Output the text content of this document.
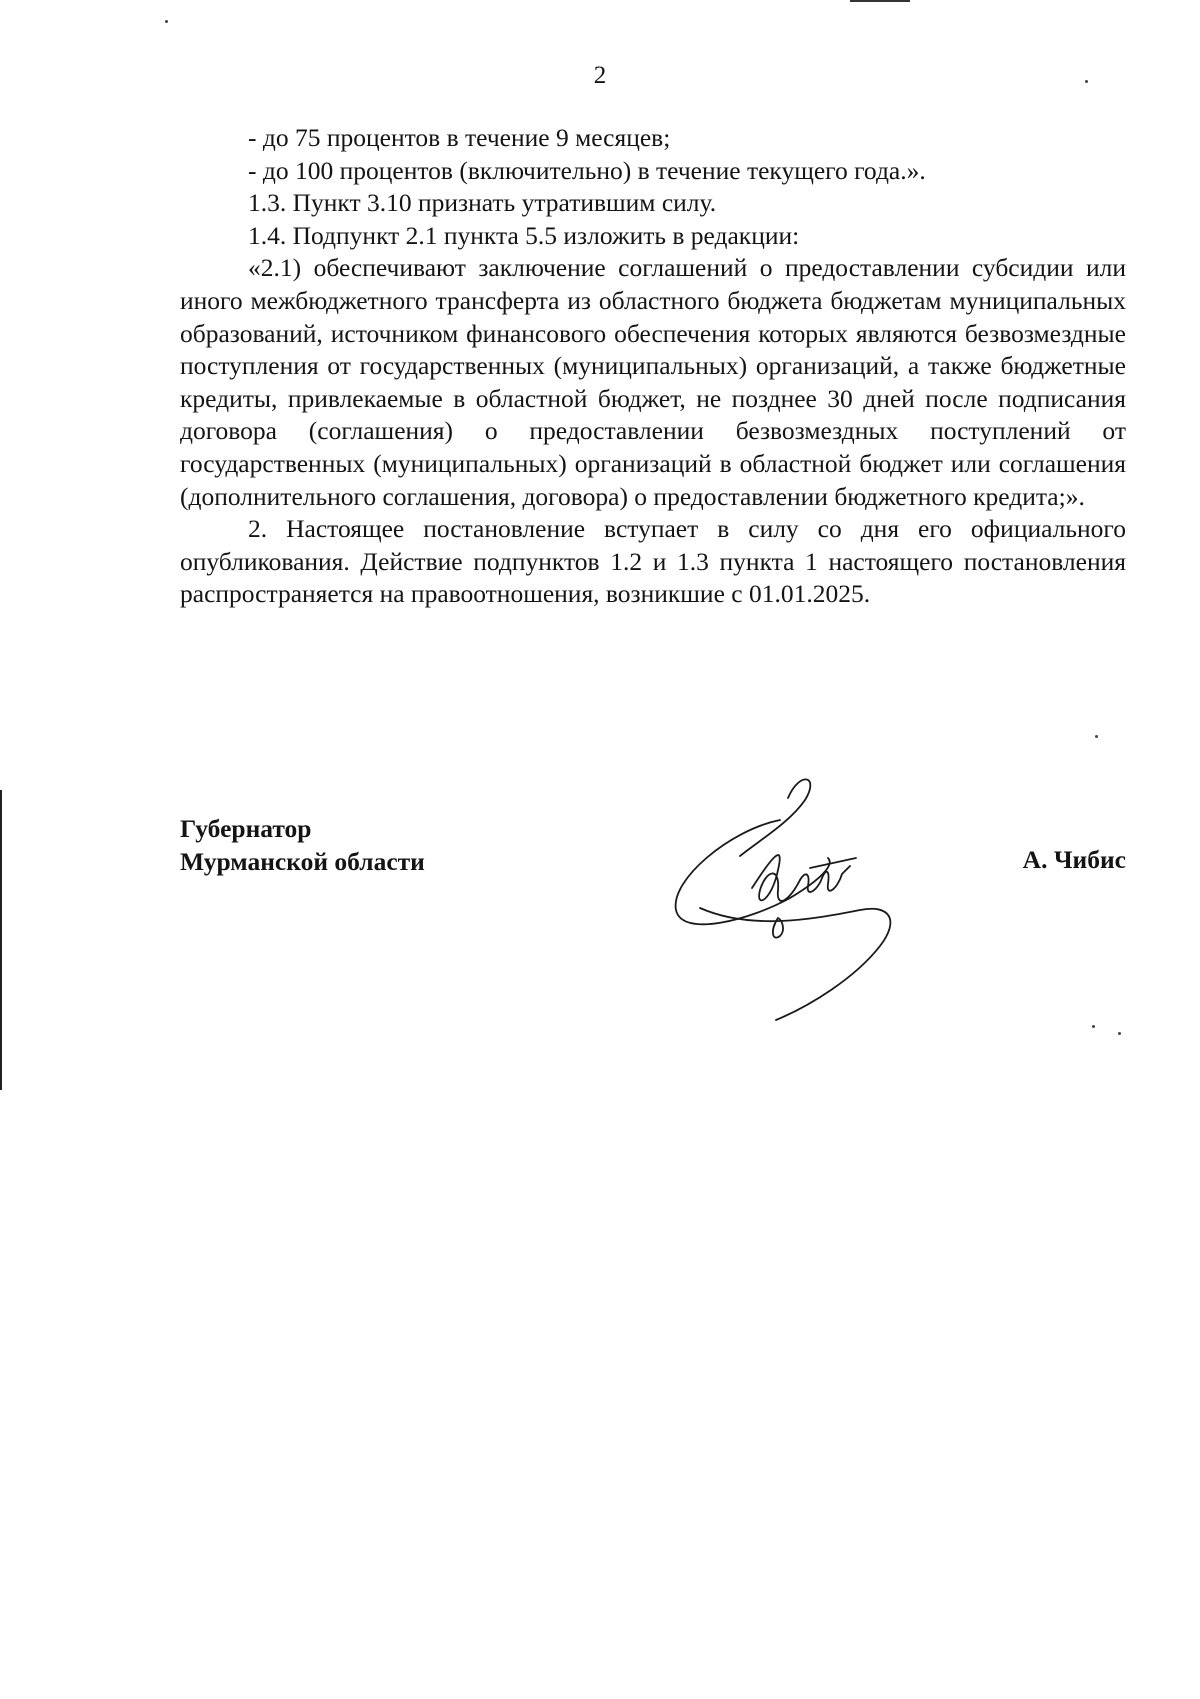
2

- до 75 процентов в течение 9 месяцев;

- до 100 процентов (включительно) в течение текущего года.».

1.3. Пункт 3.10 признать утратившим силу.

1.4. Подпункт 2.1 пункта 5.5 изложить в редакции:

«2.1) обеспечивают заключение соглашений о предоставлении субсидии или иного межбюджетного трансферта из областного бюджета бюджетам муниципальных образований, источником финансового обеспечения которых являются безвозмездные поступления от государственных (муниципальных) организаций, а также бюджетные кредиты, привлекаемые в областной бюджет, не позднее 30 дней после подписания договора (соглашения) о предоставлении безвозмездных поступлений от государственных (муниципальных) организаций в областной бюджет или соглашения (дополнительного соглашения, договора) о предоставлении бюджетного кредита;».

2. Настоящее постановление вступает в силу со дня его официального опубликования. Действие подпунктов 1.2 и 1.3 пункта 1 настоящего постановления распространяется на правоотношения, возникшие с 01.01.2025.

Губернатор
Мурманской области	А. Чибис
